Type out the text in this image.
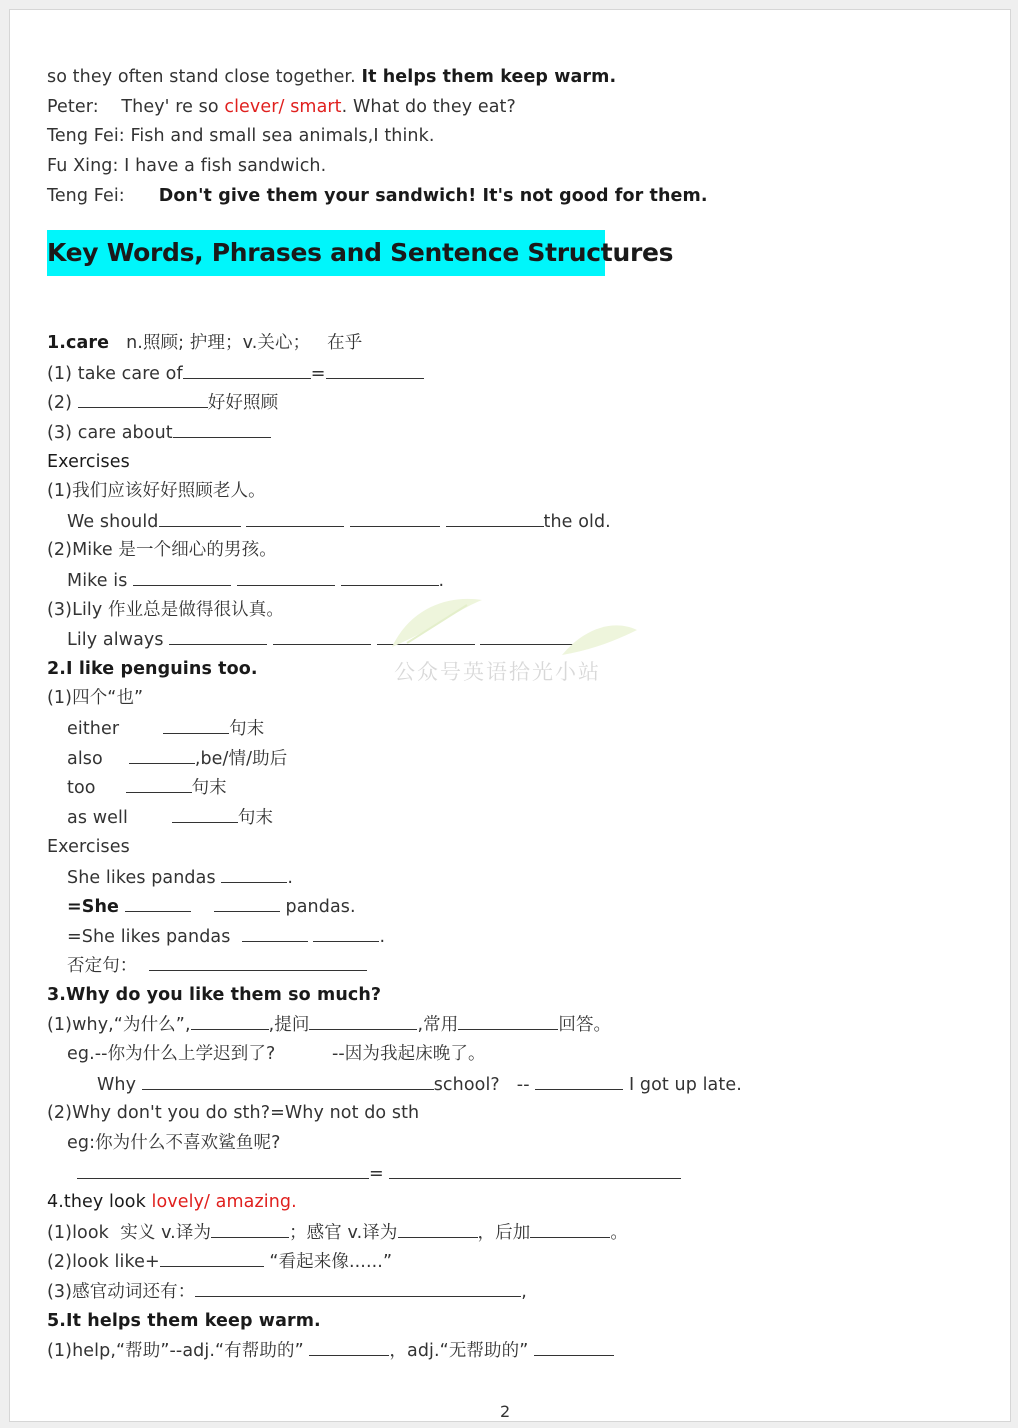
so they often stand close together. It helps them keep warm.
Peter:    They' re so clever/ smart. What do they eat?
Teng Fei: Fish and small sea animals,I think.
Fu Xing: I have a fish sandwich.
Teng Fei:      Don't give them your sandwich! It's not good for them.
Key Words, Phrases and Sentence Structures
1.care   n.照顾; 护理；v.关心；   在乎
(1) take care of	=
(2)	好好照顾
(3) care about
Exercises
(1)我们应该好好照顾老人。
We should	the old.
(2)Mike 是一个细心的男孩。
Mike is	.
(3)Lily 作业总是做得很认真。
Lily always
公众号英语拾光小站
2.I like penguins too.
(1)四个“也”
either	句末
also	,be/情/助后
too	句末
as well	句末
Exercises
She likes pandas	.
=She	pandas.
=She likes pandas	.
否定句：
3.Why do you like them so much?
(1)why,“为什么”,	,提问	,常用	回答。
eg.--你为什么上学迟到了?          --因为我起床晚了。
Why	school?   --	I got up late.
(2)Why don't you do sth?=Why not do sth
eg:你为什么不喜欢鲨鱼呢?
=
4.they look lovely/ amazing.
(1)look  实义 v.译为	；感官 v.译为	，后加	。
(2)look like+	“看起来像......”
(3)感官动词还有：	,
5.It helps them keep warm.
(1)help,“帮助”--adj.“有帮助的”	，adj.“无帮助的”
2
